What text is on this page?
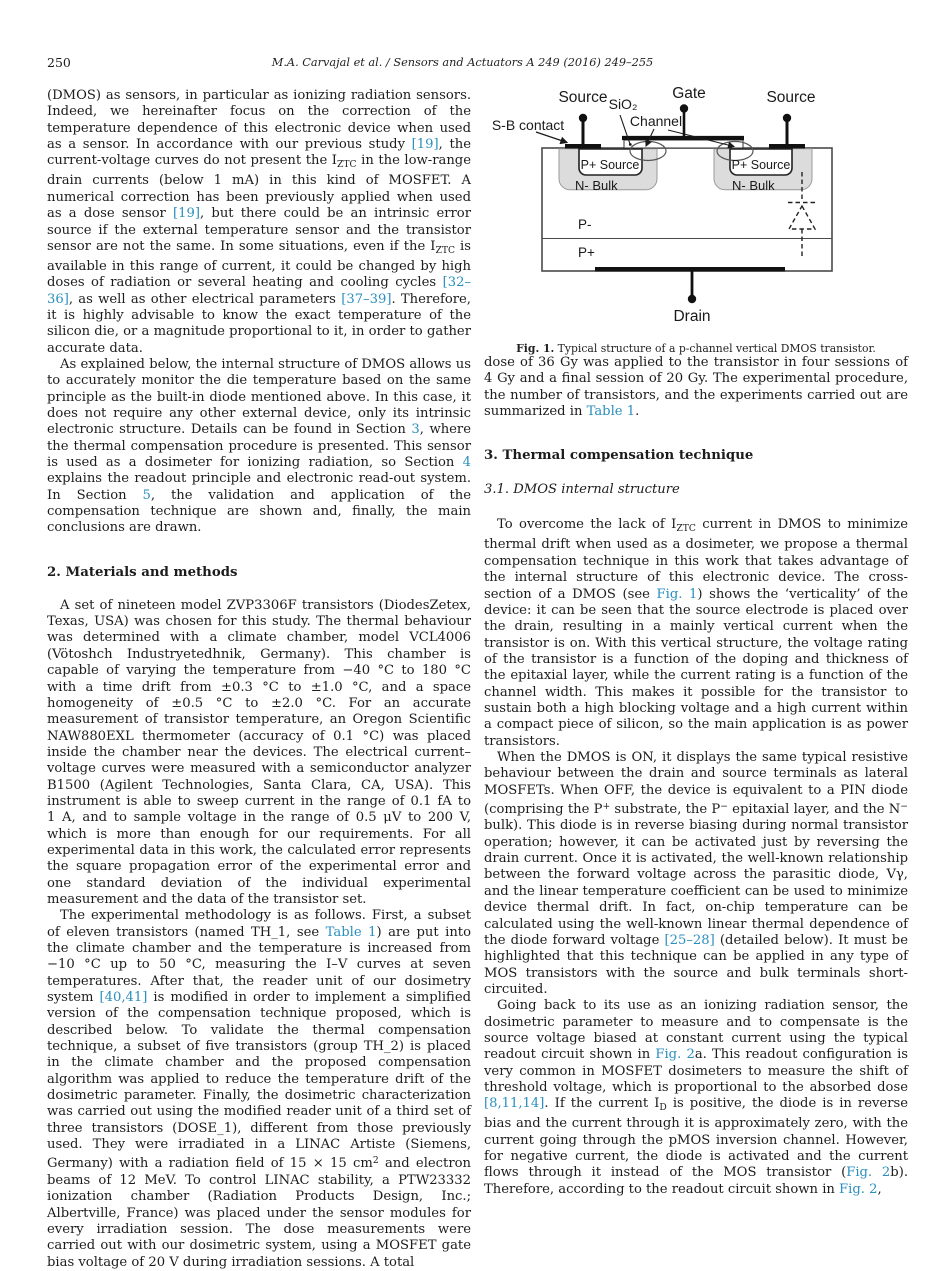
250	M.A. Carvajal et al. / Sensors and Actuators A 249 (2016) 249–255

(DMOS) as sensors, in particular as ionizing radiation sensors. Indeed, we hereinafter focus on the correction of the temperature dependence of this electronic device when used as a sensor. In accordance with our previous study [19], the current-voltage curves do not present the $I_{ZTC}$ in the low-range drain currents (below 1 mA) in this kind of MOSFET. A numerical correction has been previously applied when used as a dose sensor [19], but there could be an intrinsic error source if the external temperature sensor and the transistor sensor are not the same. In some situations, even if the $I_{ZTC}$ is available in this range of current, it could be changed by high doses of radiation or several heating and cooling cycles [32–36], as well as other electrical parameters [37–39]. Therefore, it is highly advisable to know the exact temperature of the silicon die, or a magnitude proportional to it, in order to gather accurate data.

As explained below, the internal structure of DMOS allows us to accurately monitor the die temperature based on the same principle as the built-in diode mentioned above. In this case, it does not require any other external device, only its intrinsic electronic structure. Details can be found in Section 3, where the thermal compensation procedure is presented. This sensor is used as a dosimeter for ionizing radiation, so Section 4 explains the readout principle and electronic read-out system. In Section 5, the validation and application of the compensation technique are shown and, finally, the main conclusions are drawn.

2. Materials and methods

A set of nineteen model ZVP3306F transistors (DiodesZetex, Texas, USA) was chosen for this study. The thermal behaviour was determined with a climate chamber, model VCL4006 (Vötoshch Industryetedhnik, Germany). This chamber is capable of varying the temperature from −40 °C to 180 °C with a time drift from ±0.3 °C to ±1.0 °C, and a space homogeneity of ±0.5 °C to ±2.0 °C. For an accurate measurement of transistor temperature, an Oregon Scientific NAW880EXL thermometer (accuracy of 0.1 °C) was placed inside the chamber near the devices. The electrical current–voltage curves were measured with a semiconductor analyzer B1500 (Agilent Technologies, Santa Clara, CA, USA). This instrument is able to sweep current in the range of 0.1 fA to 1 A, and to sample voltage in the range of 0.5 μV to 200 V, which is more than enough for our requirements. For all experimental data in this work, the calculated error represents the square propagation error of the experimental error and one standard deviation of the individual experimental measurement and the data of the transistor set.

The experimental methodology is as follows. First, a subset of eleven transistors (named TH_1, see Table 1) are put into the climate chamber and the temperature is increased from −10 °C up to 50 °C, measuring the I–V curves at seven temperatures. After that, the reader unit of our dosimetry system [40,41] is modified in order to implement a simplified version of the compensation technique proposed, which is described below. To validate the thermal compensation technique, a subset of five transistors (group TH_2) is placed in the climate chamber and the proposed compensation algorithm was applied to reduce the temperature drift of the dosimetric parameter. Finally, the dosimetric characterization was carried out using the modified reader unit of a third set of three transistors (DOSE_1), different from those previously used. They were irradiated in a LINAC Artiste (Siemens, Germany) with a radiation field of 15 × 15 $cm^2$ and electron beams of 12 MeV. To control LINAC stability, a PTW23332 ionization chamber (Radiation Products Design, Inc.; Albertville, France) was placed under the sensor modules for every irradiation session. The dose measurements were carried out with our dosimetric system, using a MOSFET gate bias voltage of 20 V during irradiation sessions. A total

Source SiO₂
Gate	Source
Channel
S-B contact
P+ Source	P+ Source
N- Bulk	N- Bulk
P-
P+
Drain
Fig. 1. Typical structure of a p-channel vertical DMOS transistor.

dose of 36 Gy was applied to the transistor in four sessions of 4 Gy and a final session of 20 Gy. The experimental procedure, the number of transistors, and the experiments carried out are summarized in Table 1.

3. Thermal compensation technique
3.1. DMOS internal structure

To overcome the lack of $I_{ZTC}$ current in DMOS to minimize thermal drift when used as a dosimeter, we propose a thermal compensation technique in this work that takes advantage of the internal structure of this electronic device. The cross-section of a DMOS (see Fig. 1) shows the ‘verticality’ of the device: it can be seen that the source electrode is placed over the drain, resulting in a mainly vertical current when the transistor is on. With this vertical structure, the voltage rating of the transistor is a function of the doping and thickness of the epitaxial layer, while the current rating is a function of the channel width. This makes it possible for the transistor to sustain both a high blocking voltage and a high current within a compact piece of silicon, so the main application is as power transistors.

When the DMOS is ON, it displays the same typical resistive behaviour between the drain and source terminals as lateral MOSFETs. When OFF, the device is equivalent to a PIN diode (comprising the P+ substrate, the P− epitaxial layer, and the N− bulk). This diode is in reverse biasing during normal transistor operation; however, it can be activated just by reversing the drain current. Once it is activated, the well-known relationship between the forward voltage across the parasitic diode, Vγ, and the linear temperature coefficient can be used to minimize device thermal drift. In fact, on-chip temperature can be calculated using the well-known linear thermal dependence of the diode forward voltage [25–28] (detailed below). It must be highlighted that this technique can be applied in any type of MOS transistors with the source and bulk terminals short-circuited.

Going back to its use as an ionizing radiation sensor, the dosimetric parameter to measure and to compensate is the source voltage biased at constant current using the typical readout circuit shown in Fig. 2a. This readout configuration is very common in MOSFET dosimeters to measure the shift of threshold voltage, which is proportional to the absorbed dose [8,11,14]. If the current $I_D$ is positive, the diode is in reverse bias and the current through it is approximately zero, with the current going through the pMOS inversion channel. However, for negative current, the diode is activated and the current flows through it instead of the MOS transistor (Fig. 2b). Therefore, according to the readout circuit shown in Fig. 2,
